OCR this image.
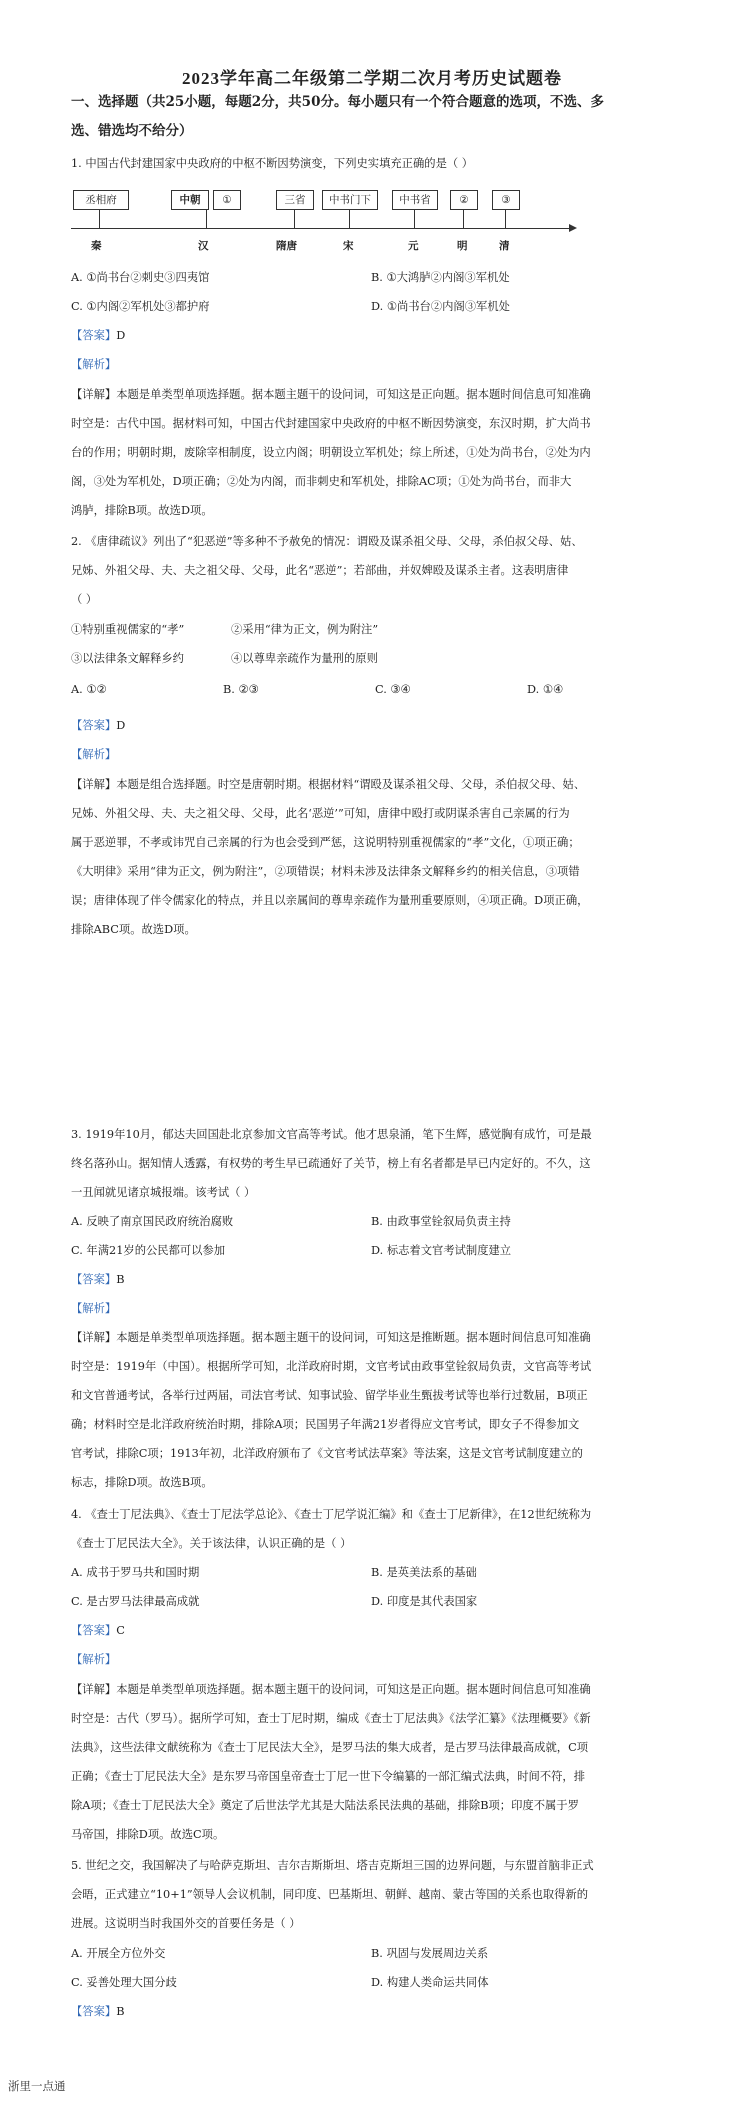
2023学年高二年级第二学期二次月考历史试题卷
一、选择题（共25小题，每题2分，共50分。每小题只有一个符合题意的选项，不选、多
选、错选均不给分）
1. 中国古代封建国家中央政府的中枢不断因势演变，下列史实填充正确的是（ ）
丞相府	中朝	①	三省	中书门下	中书省	②	③
秦	汉	隋唐	宋	元	明	清
A. ①尚书台②刺史③四夷馆	B. ①大鸿胪②内阁③军机处
C. ①内阁②军机处③都护府	D. ①尚书台②内阁③军机处
【答案】D
【解析】
【详解】本题是单类型单项选择题。据本题主题干的设问词，可知这是正向题。据本题时间信息可知准确
时空是：古代中国。据材料可知，中国古代封建国家中央政府的中枢不断因势演变，东汉时期，扩大尚书
台的作用；明朝时期，废除宰相制度，设立内阁；明朝设立军机处；综上所述，①处为尚书台，②处为内
阁，③处为军机处，D项正确；②处为内阁，而非刺史和军机处，排除AC项；①处为尚书台，而非大
鸿胪，排除B项。故选D项。
2. 《唐律疏议》列出了“犯恶逆”等多种不予赦免的情况：谓殴及谋杀祖父母、父母，杀伯叔父母、姑、
兄姊、外祖父母、夫、夫之祖父母、父母，此名“恶逆”；若部曲，并奴婢殴及谋杀主者。这表明唐律
（ ）
①特别重视儒家的“孝”	②采用“律为正文，例为附注”
③以法律条文解释乡约	④以尊卑亲疏作为量刑的原则
A. ①②	B. ②③	C. ③④	D. ①④
【答案】D
【解析】
【详解】本题是组合选择题。时空是唐朝时期。根据材料“谓殴及谋杀祖父母、父母，杀伯叔父母、姑、
兄姊、外祖父母、夫、夫之祖父母、父母，此名‘恶逆’”可知，唐律中殴打或阴谋杀害自己亲属的行为
属于恶逆罪，不孝或讳咒自己亲属的行为也会受到严惩，这说明特别重视儒家的“孝”文化，①项正确；
《大明律》采用“律为正文，例为附注”，②项错误；材料未涉及法律条文解释乡约的相关信息，③项错
误；唐律体现了伴令儒家化的特点，并且以亲属间的尊卑亲疏作为量刑重要原则，④项正确。D项正确，
排除ABC项。故选D项。
3. 1919年10月，郁达夫回国赴北京参加文官高等考试。他才思泉涌，笔下生辉，感觉胸有成竹，可是最
终名落孙山。据知情人透露，有权势的考生早已疏通好了关节，榜上有名者都是早已内定好的。不久，这
一丑闻就见诸京城报端。该考试（ ）
A. 反映了南京国民政府统治腐败	B. 由政事堂铨叙局负责主持
C. 年满21岁的公民都可以参加	D. 标志着文官考试制度建立
【答案】B
【解析】
【详解】本题是单类型单项选择题。据本题主题干的设问词，可知这是推断题。据本题时间信息可知准确
时空是：1919年（中国）。根据所学可知，北洋政府时期，文官考试由政事堂铨叙局负责，文官高等考试
和文官普通考试，各举行过两届，司法官考试、知事试验、留学毕业生甄拔考试等也举行过数届，B项正
确；材料时空是北洋政府统治时期，排除A项；民国男子年满21岁者得应文官考试，即女子不得参加文
官考试，排除C项；1913年初，北洋政府颁布了《文官考试法草案》等法案，这是文官考试制度建立的
标志，排除D项。故选B项。
4. 《查士丁尼法典》、《查士丁尼法学总论》、《查士丁尼学说汇编》和《查士丁尼新律》，在12世纪统称为
《查士丁尼民法大全》。关于该法律，认识正确的是（ ）
A. 成书于罗马共和国时期	B. 是英美法系的基础
C. 是古罗马法律最高成就	D. 印度是其代表国家
【答案】C
【解析】
【详解】本题是单类型单项选择题。据本题主题干的设问词，可知这是正向题。据本题时间信息可知准确
时空是：古代（罗马）。据所学可知，查士丁尼时期，编成《查士丁尼法典》《法学汇纂》《法理概要》《新
法典》，这些法律文献统称为《查士丁尼民法大全》，是罗马法的集大成者，是古罗马法律最高成就，C项
正确；《查士丁尼民法大全》是东罗马帝国皇帝查士丁尼一世下令编纂的一部汇编式法典，时间不符，排
除A项；《查士丁尼民法大全》奠定了后世法学尤其是大陆法系民法典的基础，排除B项；印度不属于罗
马帝国，排除D项。故选C项。
5. 世纪之交，我国解决了与哈萨克斯坦、吉尔吉斯斯坦、塔吉克斯坦三国的边界问题，与东盟首脑非正式
会晤，正式建立“10+1”领导人会议机制，同印度、巴基斯坦、朝鲜、越南、蒙古等国的关系也取得新的
进展。这说明当时我国外交的首要任务是（ ）
A. 开展全方位外交	B. 巩固与发展周边关系
C. 妥善处理大国分歧	D. 构建人类命运共同体
【答案】B
浙里一点通
